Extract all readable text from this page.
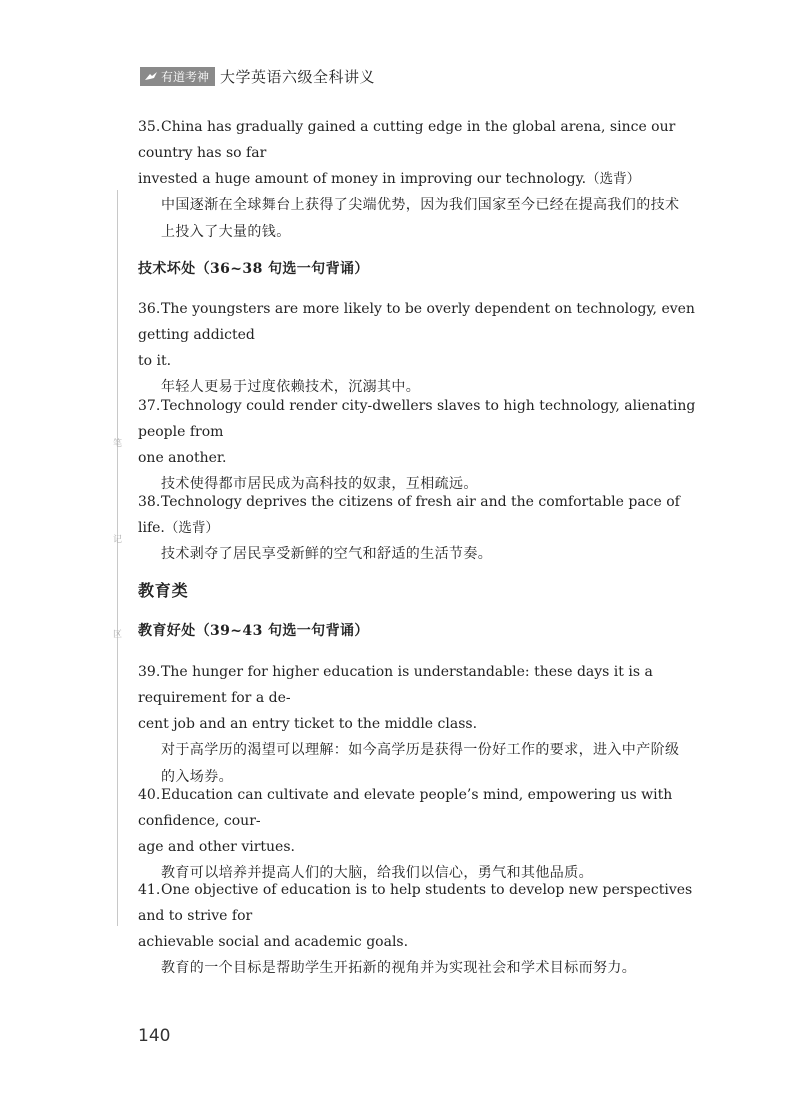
有道考神 大学英语六级全科讲义
笔
记
区
35.China has gradually gained a cutting edge in the global arena, since our country has so far
invested a huge amount of money in improving our technology.（选背）
中国逐渐在全球舞台上获得了尖端优势，因为我们国家至今已经在提高我们的技术
上投入了大量的钱。
技术坏处（36~38 句选一句背诵）
36.The youngsters are more likely to be overly dependent on technology, even getting addicted
to it.
年轻人更易于过度依赖技术，沉溺其中。
37.Technology could render city-dwellers slaves to high technology, alienating people from
one another.
技术使得都市居民成为高科技的奴隶，互相疏远。
38.Technology deprives the citizens of fresh air and the comfortable pace of life.（选背）
技术剥夺了居民享受新鲜的空气和舒适的生活节奏。
教育类
教育好处（39~43 句选一句背诵）
39.The hunger for higher education is understandable: these days it is a requirement for a de-
cent job and an entry ticket to the middle class.
对于高学历的渴望可以理解：如今高学历是获得一份好工作的要求，进入中产阶级
的入场券。
40.Education can cultivate and elevate people’s mind, empowering us with confidence, cour-
age and other virtues.
教育可以培养并提高人们的大脑，给我们以信心，勇气和其他品质。
41.One objective of education is to help students to develop new perspectives and to strive for
achievable social and academic goals.
教育的一个目标是帮助学生开拓新的视角并为实现社会和学术目标而努力。
140
